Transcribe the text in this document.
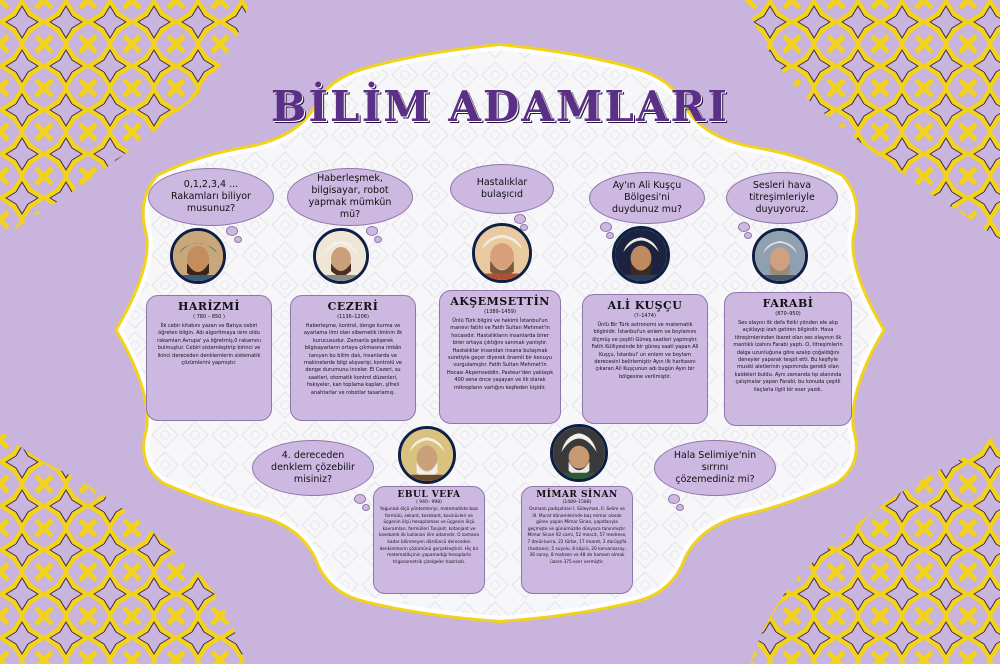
BİLİM ADAMLARI
0,1,2,3,4 ... Rakamları biliyor musunuz?
HARİZMİ
( 780 – 850 )
İlk cebir kitabını yazan ve Batıya cebiri öğreten bilgin. Adı algoritmaya isim oldu rakamları Avrupa' ya öğretmiş,0 rakamını bulmuştur. Cebiri sistemleştirip birinci ve ikinci dereceden denklemlerin sistematik çözümlerini yapmıştır.
Haberleşmek, bilgisayar, robot yapmak mümkün mü?
CEZERİ
(1136–1206)
Haberleşme, kontrol, denge kurma ve ayarlama ilmi olan sibernetik ilminin ilk kurucusudur. Zamanla gelişerek bilgisayarların ortaya çıkmasına imkân tanıyan bu bilim dalı, insanlarda ve makinelerde bilgi alışverişi, kontrolü ve denge durumunu inceler. El Cezeri, su saatleri, otomatik kontrol düzenleri, fıskiyeler, kan toplama kapları, şifreli anahtarlar ve robotlar tasarlamış.
Hastalıklar bulaşıcıd
AKŞEMSETTİN
(1389–1459)
Ünlü Türk bilgini ve hekimi İstanbul'un manevi fatihi ve Fatih Sultan Mehmet'in hocasıdır. Hastalıkların insanlarda birer birer ortaya çıktığını sanmak yanlıştır. Hastalıklar insandan insana bulaşmak suretiyle geçer diyerek önemli bir konuyu vurgulamıştır. Fatih Sultan Mehmet'in Hocası Akşemseddin, Pasteur'den yaklaşık 400 sene önce yaşayan ve ilk olarak mikropların varlığını keşfeden kişidir.
Ay'ın Ali Kuşçu Bölgesi'ni duydunuz mu?
ALİ KUŞÇU
(?–1474)
Ünlü Bir Türk astronomi ve matematik bilginidir. İstanbul'un enlem ve boylamını ölçmüş ve çeşitli Güneş saatleri yapmıştır. Fatih Külliyesinde bir güneş saati yapan Ali Kuşçu, İstanbul' un enlem ve boylam derecesini belirlemiştir Ayın ilk haritasını çıkaran Ali Kuşçunun adı bugün Ayın bir bölgesine verilmiştir.
Sesleri hava titreşimleriyle duyuyoruz.
FARABİ
(870–950)
Ses olayını ilk defa fiziki yönden ele alıp açıklayıp izah getiren bilgindir. Hava titreşimlerinden ibaret olan ses olayının ilk mantıklı izahını Farabi yaptı. O, titreşimlerin dalga uzunluğuna göre azalıp çoğaldığını deneyler yaparak tespit etti. Bu keşfiyle musiki aletlerinin yapımında gerekli olan kaideleri buldu. Aynı zamanda tıp alanında çalışmalar yapan Farabi, bu konuda çeşitli ilaçlarla ilgili bir eser yazdı.
4. dereceden denklem çözebilir misiniz?
EBUL VEFA
( 940– 998)
Yoğunluk ölçü yöntemleriyi, matematikte bazı formülü, sekant, kosekant, kosinüsleri ve üçgenin ölçü hesaplaması ve üçgenin ölçü kavramları, formülleri Tanjant, kotanjant ve kosekantı ilk kullanan ilim adamıdır. O zamana kadar bilinmeyen dördüncü dereceden denklemlerin çözümünü gerçekleştirdi. Hiç bir matematikçinin yapamadığı hesaplarla trigonometrik çizelgeler hazırladı.
Hala Selimiye'nin sırrını çözemediniz mi?
MİMAR SİNAN
(1489–1588)
Osmanlı padişahları I. Süleyman, II. Selim ve III. Murat dönemlerinde baş mimar olarak görev yapan Mimar Sinan, yapıtlarıyla geçmişte ve günümüzde dünyaca tanınmıştır. Mimar Sinan 92 cami, 52 mescit, 57 medrese, 7 darül-kurra, 22 türbe, 17 imaret, 3 darüşşifa (hastane), 5 suyolu, 8 köprü, 20 kervansaray, 36 saray, 8 mahzen ve 48 de hamam olmak üzere 375 eser vermiştir.
